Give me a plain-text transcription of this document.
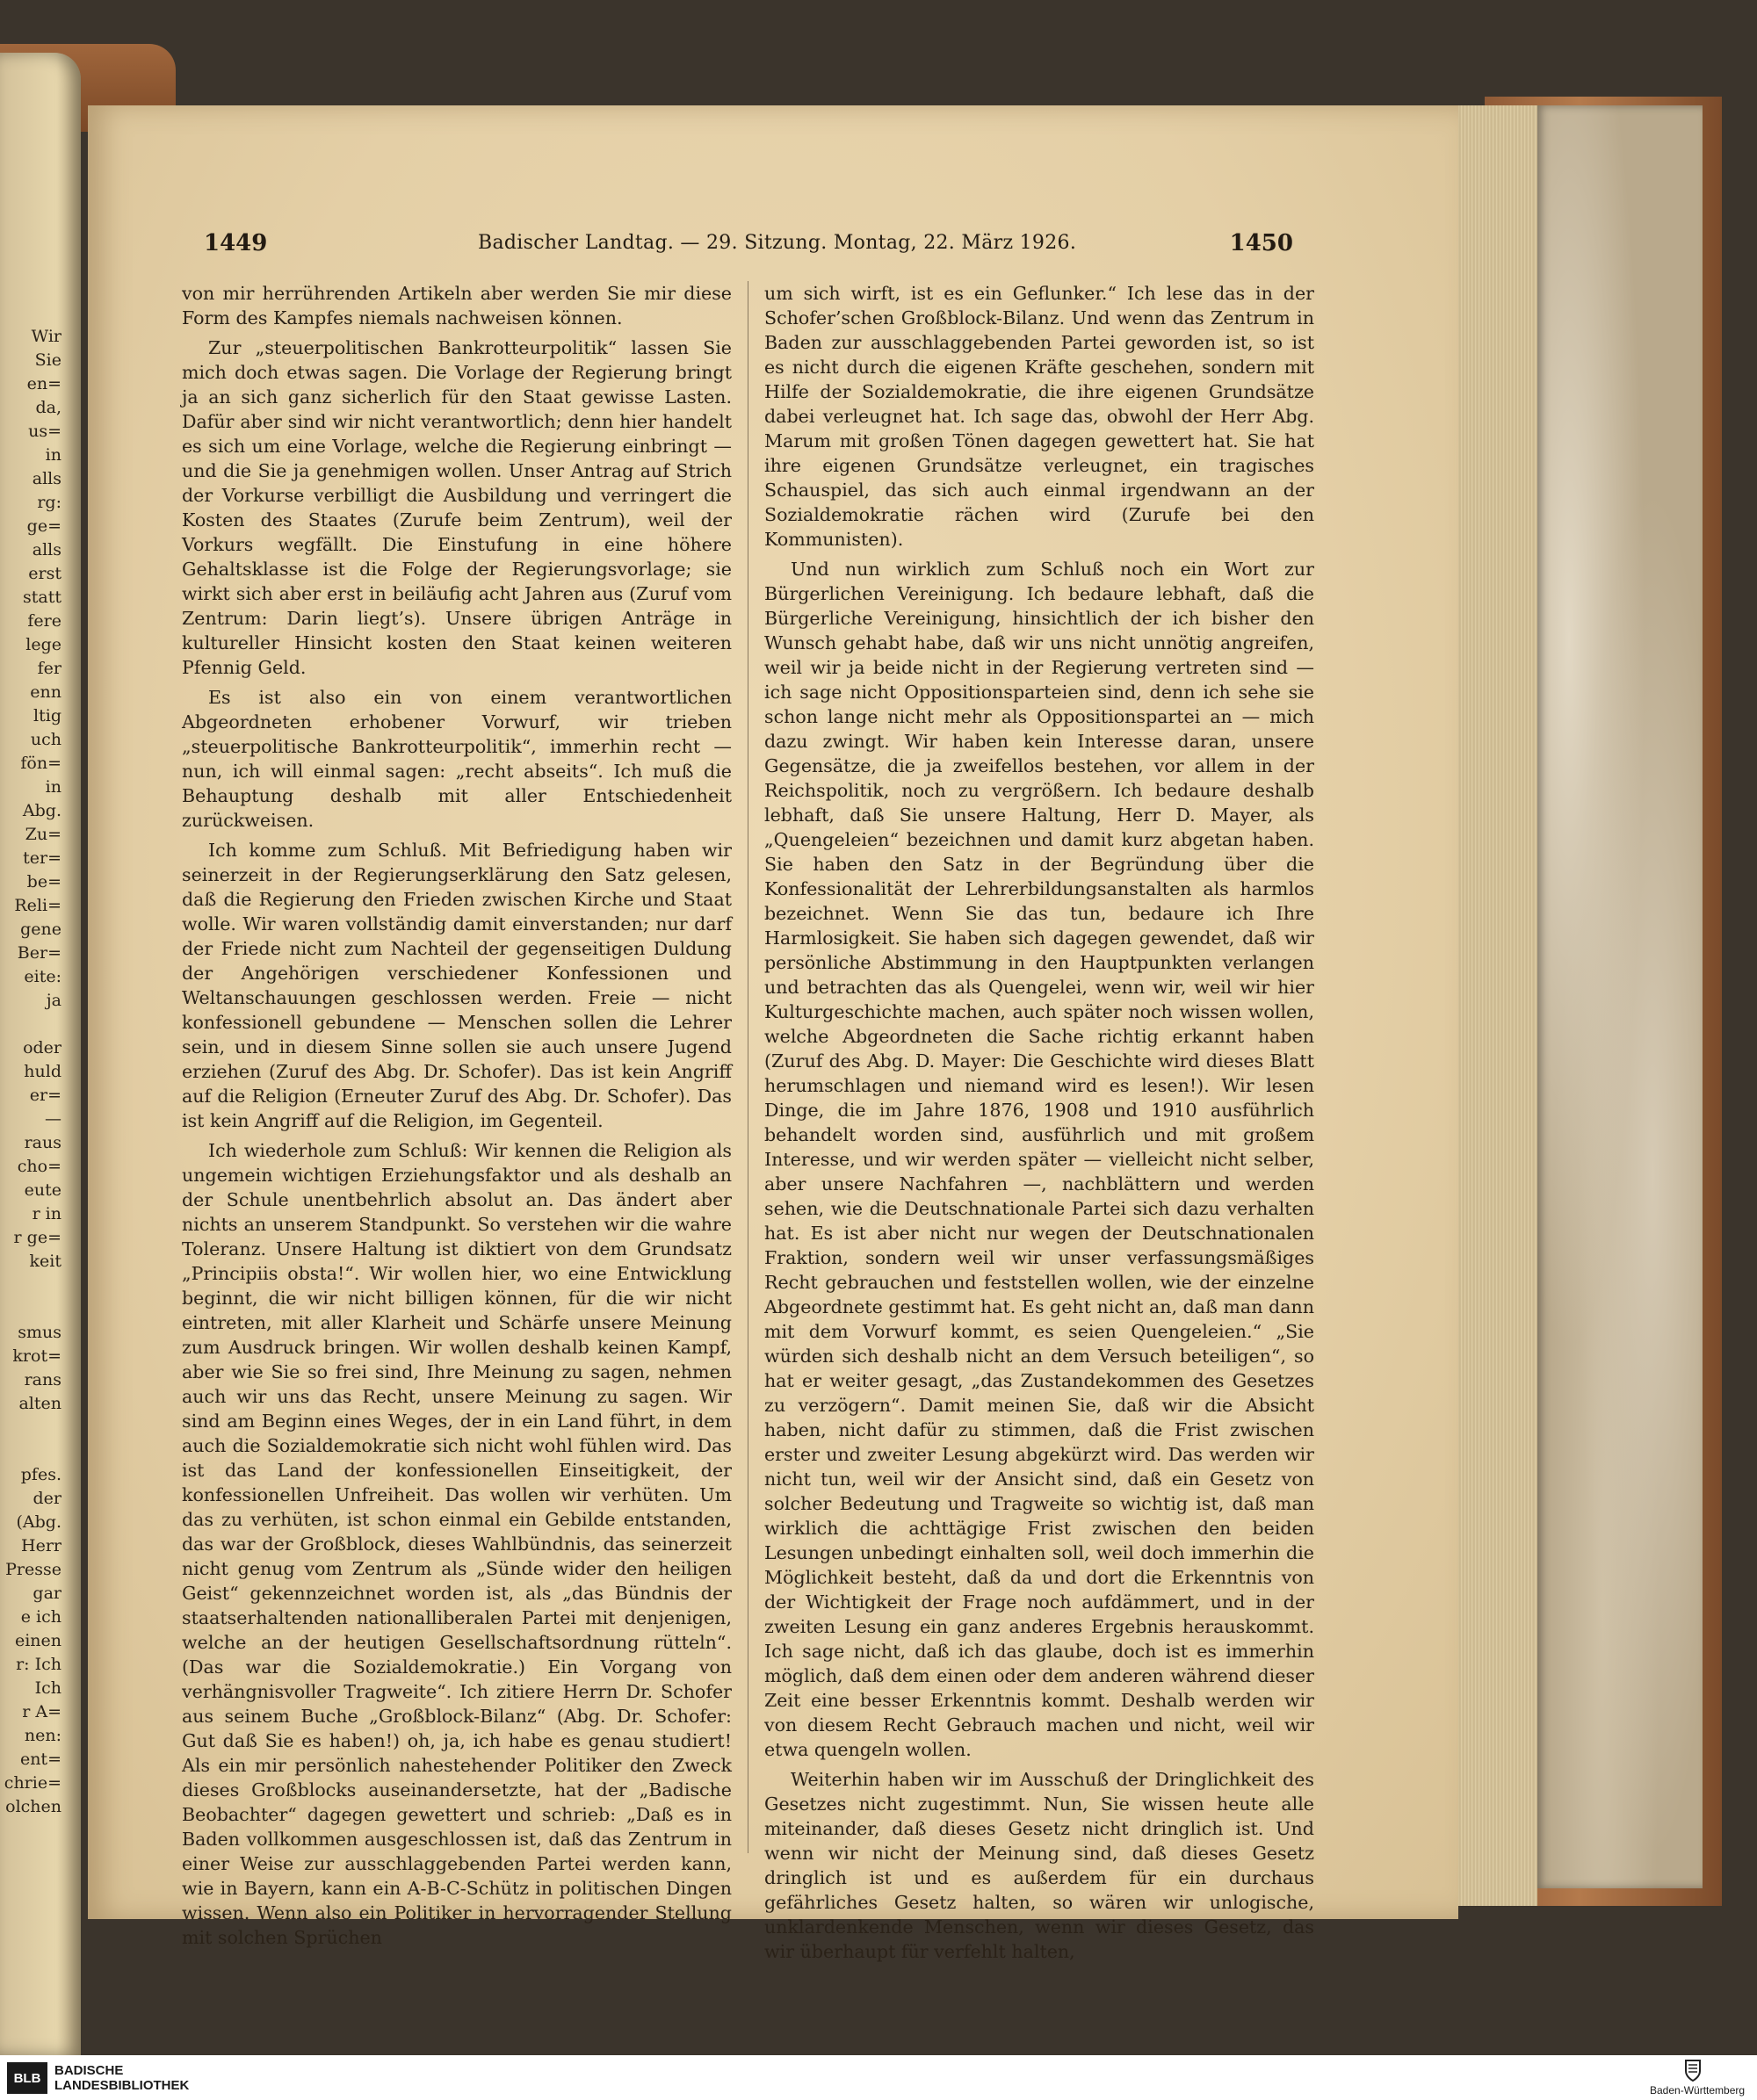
Wir
Sie
en=
da,
us=
in
alls
rg:
ge=
alls
erst
statt
fere
lege
fer
enn
ltig
uch
fön=
in
Abg.
Zu=
ter=
be=
Reli=
gene
Ber=
eite:
ja

oder
huld
er=
—
raus
cho=
eute
r in
r ge=
keit

smus
krot=
rans
alten

pfes.
der
(Abg.
Herr
Presse
gar
e ich
einen
r: Ich
Ich
r A=
nen:
ent=
chrie=
olchen
1449	Badischer Landtag. — 29. Sitzung. Montag, 22. März 1926.	1450

von mir herrührenden Artikeln aber werden Sie mir diese Form des Kampfes niemals nachweisen können.

Zur „steuerpolitischen Bankrotteurpolitik“ lassen Sie mich doch etwas sagen. Die Vorlage der Regierung bringt ja an sich ganz sicherlich für den Staat gewisse Lasten. Dafür aber sind wir nicht verantwortlich; denn hier handelt es sich um eine Vorlage, welche die Regierung einbringt — und die Sie ja genehmigen wollen. Unser Antrag auf Strich der Vorkurse verbilligt die Ausbildung und verringert die Kosten des Staates (Zurufe beim Zentrum), weil der Vorkurs wegfällt. Die Einstufung in eine höhere Gehaltsklasse ist die Folge der Regierungsvorlage; sie wirkt sich aber erst in beiläufig acht Jahren aus (Zuruf vom Zentrum: Darin liegt’s). Unsere übrigen Anträge in kultureller Hinsicht kosten den Staat keinen weiteren Pfennig Geld.

Es ist also ein von einem verantwortlichen Abgeordneten erhobener Vorwurf, wir trieben „steuerpolitische Bankrotteurpolitik“, immerhin recht — nun, ich will einmal sagen: „recht abseits“. Ich muß die Behauptung deshalb mit aller Entschiedenheit zurückweisen.

Ich komme zum Schluß. Mit Befriedigung haben wir seinerzeit in der Regierungserklärung den Satz gelesen, daß die Regierung den Frieden zwischen Kirche und Staat wolle. Wir waren vollständig damit einverstanden; nur darf der Friede nicht zum Nachteil der gegenseitigen Duldung der Angehörigen verschiedener Konfessionen und Weltanschauungen geschlossen werden. Freie — nicht konfessionell gebundene — Menschen sollen die Lehrer sein, und in diesem Sinne sollen sie auch unsere Jugend erziehen (Zuruf des Abg. Dr. Schofer). Das ist kein Angriff auf die Religion (Erneuter Zuruf des Abg. Dr. Schofer). Das ist kein Angriff auf die Religion, im Gegenteil.

Ich wiederhole zum Schluß: Wir kennen die Religion als ungemein wichtigen Erziehungsfaktor und als deshalb an der Schule unentbehrlich absolut an. Das ändert aber nichts an unserem Standpunkt. So verstehen wir die wahre Toleranz. Unsere Haltung ist diktiert von dem Grundsatz „Principiis obsta!“. Wir wollen hier, wo eine Entwicklung beginnt, die wir nicht billigen können, für die wir nicht eintreten, mit aller Klarheit und Schärfe unsere Meinung zum Ausdruck bringen. Wir wollen deshalb keinen Kampf, aber wie Sie so frei sind, Ihre Meinung zu sagen, nehmen auch wir uns das Recht, unsere Meinung zu sagen. Wir sind am Beginn eines Weges, der in ein Land führt, in dem auch die Sozialdemokratie sich nicht wohl fühlen wird. Das ist das Land der konfessionellen Einseitigkeit, der konfessionellen Unfreiheit. Das wollen wir verhüten. Um das zu verhüten, ist schon einmal ein Gebilde entstanden, das war der Großblock, dieses Wahlbündnis, das seinerzeit nicht genug vom Zentrum als „Sünde wider den heiligen Geist“ gekennzeichnet worden ist, als „das Bündnis der staatserhaltenden nationalliberalen Partei mit denjenigen, welche an der heutigen Gesellschaftsordnung rütteln“. (Das war die Sozialdemokratie.) Ein Vorgang von verhängnisvoller Tragweite“. Ich zitiere Herrn Dr. Schofer aus seinem Buche „Großblock-Bilanz“ (Abg. Dr. Schofer: Gut daß Sie es haben!) oh, ja, ich habe es genau studiert! Als ein mir persönlich nahestehender Politiker den Zweck dieses Großblocks auseinandersetzte, hat der „Badische Beobachter“ dagegen gewettert und schrieb: „Daß es in Baden vollkommen ausgeschlossen ist, daß das Zentrum in einer Weise zur ausschlaggebenden Partei werden kann, wie in Bayern, kann ein A-B-C-Schütz in politischen Dingen wissen. Wenn also ein Politiker in hervorragender Stellung mit solchen Sprüchen

um sich wirft, ist es ein Geflunker.“ Ich lese das in der Schofer’schen Großblock-Bilanz. Und wenn das Zentrum in Baden zur ausschlaggebenden Partei geworden ist, so ist es nicht durch die eigenen Kräfte geschehen, sondern mit Hilfe der Sozialdemokratie, die ihre eigenen Grundsätze dabei verleugnet hat. Ich sage das, obwohl der Herr Abg. Marum mit großen Tönen dagegen gewettert hat. Sie hat ihre eigenen Grundsätze verleugnet, ein tragisches Schauspiel, das sich auch einmal irgendwann an der Sozialdemokratie rächen wird (Zurufe bei den Kommunisten).

Und nun wirklich zum Schluß noch ein Wort zur Bürgerlichen Vereinigung. Ich bedaure lebhaft, daß die Bürgerliche Vereinigung, hinsichtlich der ich bisher den Wunsch gehabt habe, daß wir uns nicht unnötig angreifen, weil wir ja beide nicht in der Regierung vertreten sind — ich sage nicht Oppositionsparteien sind, denn ich sehe sie schon lange nicht mehr als Oppositionspartei an — mich dazu zwingt. Wir haben kein Interesse daran, unsere Gegensätze, die ja zweifellos bestehen, vor allem in der Reichspolitik, noch zu vergrößern. Ich bedaure deshalb lebhaft, daß Sie unsere Haltung, Herr D. Mayer, als „Quengeleien“ bezeichnen und damit kurz abgetan haben. Sie haben den Satz in der Begründung über die Konfessionalität der Lehrerbildungsanstalten als harmlos bezeichnet. Wenn Sie das tun, bedaure ich Ihre Harmlosigkeit. Sie haben sich dagegen gewendet, daß wir persönliche Abstimmung in den Hauptpunkten verlangen und betrachten das als Quengelei, wenn wir, weil wir hier Kulturgeschichte machen, auch später noch wissen wollen, welche Abgeordneten die Sache richtig erkannt haben (Zuruf des Abg. D. Mayer: Die Geschichte wird dieses Blatt herumschlagen und niemand wird es lesen!). Wir lesen Dinge, die im Jahre 1876, 1908 und 1910 ausführlich behandelt worden sind, ausführlich und mit großem Interesse, und wir werden später — vielleicht nicht selber, aber unsere Nachfahren —, nachblättern und werden sehen, wie die Deutschnationale Partei sich dazu verhalten hat. Es ist aber nicht nur wegen der Deutschnationalen Fraktion, sondern weil wir unser verfassungsmäßiges Recht gebrauchen und feststellen wollen, wie der einzelne Abgeordnete gestimmt hat. Es geht nicht an, daß man dann mit dem Vorwurf kommt, es seien Quengeleien.“ „Sie würden sich deshalb nicht an dem Versuch beteiligen“, so hat er weiter gesagt, „das Zustandekommen des Gesetzes zu verzögern“. Damit meinen Sie, daß wir die Absicht haben, nicht dafür zu stimmen, daß die Frist zwischen erster und zweiter Lesung abgekürzt wird. Das werden wir nicht tun, weil wir der Ansicht sind, daß ein Gesetz von solcher Bedeutung und Tragweite so wichtig ist, daß man wirklich die achttägige Frist zwischen den beiden Lesungen unbedingt einhalten soll, weil doch immerhin die Möglichkeit besteht, daß da und dort die Erkenntnis von der Wichtigkeit der Frage noch aufdämmert, und in der zweiten Lesung ein ganz anderes Ergebnis herauskommt. Ich sage nicht, daß ich das glaube, doch ist es immerhin möglich, daß dem einen oder dem anderen während dieser Zeit eine besser Erkenntnis kommt. Deshalb werden wir von diesem Recht Gebrauch machen und nicht, weil wir etwa quengeln wollen.

Weiterhin haben wir im Ausschuß der Dringlichkeit des Gesetzes nicht zugestimmt. Nun, Sie wissen heute alle miteinander, daß dieses Gesetz nicht dringlich ist. Und wenn wir nicht der Meinung sind, daß dieses Gesetz dringlich ist und es außerdem für ein durchaus gefährliches Gesetz halten, so wären wir unlogische, unklardenkende Menschen, wenn wir dieses Gesetz, das wir überhaupt für verfehlt halten,

BLB	BADISCHE
LANDESBIBLIOTHEK	Baden-Württemberg
